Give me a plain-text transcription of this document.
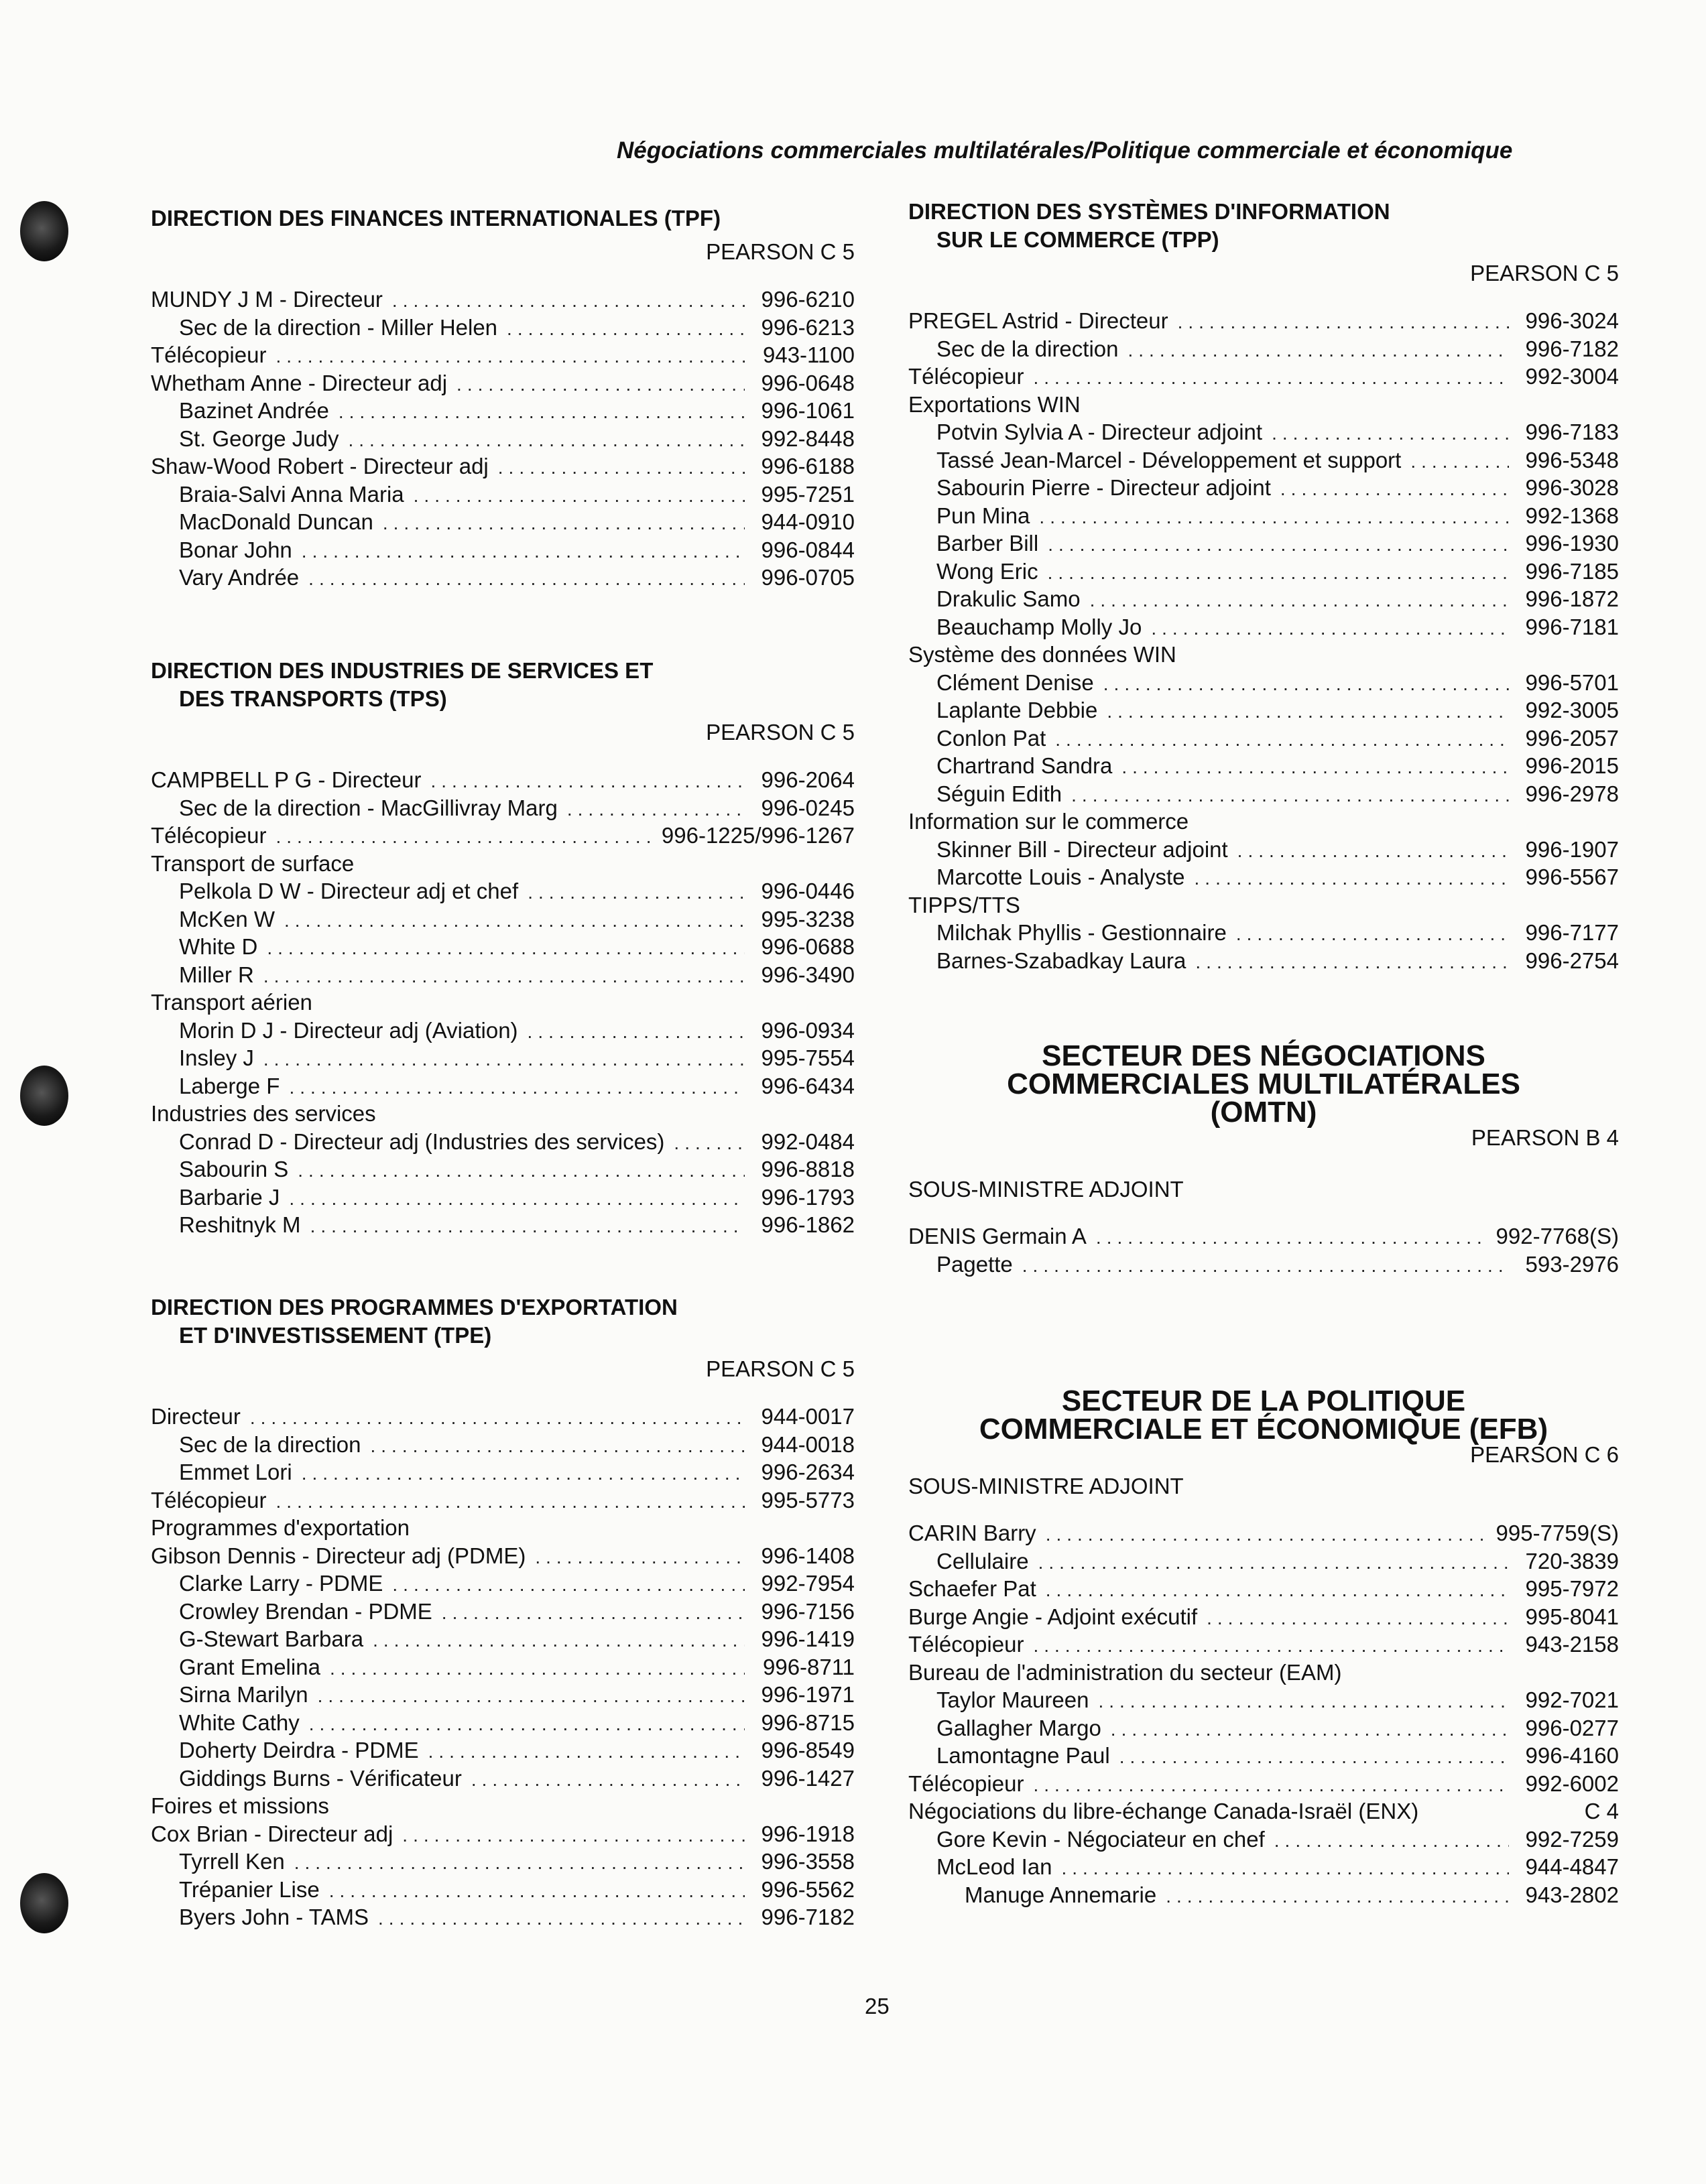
Négociations commerciales multilatérales/Politique commerciale et économique
DIRECTION DES FINANCES INTERNATIONALES (TPF)
PEARSON C 5
MUNDY J M - Directeur .....	996-6210
Sec de la direction - Miller Helen .....	996-6213
Télécopieur .....	943-1100
Whetham Anne - Directeur adj .....	996-0648
Bazinet Andrée .....	996-1061
St. George Judy .....	992-8448
Shaw-Wood Robert - Directeur adj .....	996-6188
Braia-Salvi Anna Maria .....	995-7251
MacDonald Duncan .....	944-0910
Bonar John .....	996-0844
Vary Andrée .....	996-0705
DIRECTION DES INDUSTRIES DE SERVICES ET
DES TRANSPORTS (TPS)
PEARSON C 5
CAMPBELL P G - Directeur .....	996-2064
Sec de la direction - MacGillivray Marg .....	996-0245
Télécopieur .....	996-1225/996-1267
Transport de surface
Pelkola D W - Directeur adj et chef .....	996-0446
McKen W .....	995-3238
White D .....	996-0688
Miller R .....	996-3490
Transport aérien
Morin D J - Directeur adj (Aviation) .....	996-0934
Insley J .....	995-7554
Laberge F .....	996-6434
Industries des services
Conrad D - Directeur adj (Industries des services) .....	992-0484
Sabourin S .....	996-8818
Barbarie J .....	996-1793
Reshitnyk M .....	996-1862
DIRECTION DES PROGRAMMES D'EXPORTATION
ET D'INVESTISSEMENT (TPE)
PEARSON C 5
Directeur .....	944-0017
Sec de la direction .....	944-0018
Emmet Lori .....	996-2634
Télécopieur .....	995-5773
Programmes d'exportation
Gibson Dennis - Directeur adj (PDME) .....	996-1408
Clarke Larry - PDME .....	992-7954
Crowley Brendan - PDME .....	996-7156
G-Stewart Barbara .....	996-1419
Grant Emelina .....	996-8711
Sirna Marilyn .....	996-1971
White Cathy .....	996-8715
Doherty Deirdra - PDME .....	996-8549
Giddings Burns - Vérificateur .....	996-1427
Foires et missions
Cox Brian - Directeur adj .....	996-1918
Tyrrell Ken .....	996-3558
Trépanier Lise .....	996-5562
Byers John - TAMS .....	996-7182
DIRECTION DES SYSTÈMES D'INFORMATION
SUR LE COMMERCE (TPP)
PEARSON C 5
PREGEL Astrid - Directeur .....	996-3024
Sec de la direction .....	996-7182
Télécopieur .....	992-3004
Exportations WIN
Potvin Sylvia A - Directeur adjoint .....	996-7183
Tassé Jean-Marcel - Développement et support .....	996-5348
Sabourin Pierre - Directeur adjoint .....	996-3028
Pun Mina .....	992-1368
Barber Bill .....	996-1930
Wong Eric .....	996-7185
Drakulic Samo .....	996-1872
Beauchamp Molly Jo .....	996-7181
Système des données WIN
Clément Denise .....	996-5701
Laplante Debbie .....	992-3005
Conlon Pat .....	996-2057
Chartrand Sandra .....	996-2015
Séguin Edith .....	996-2978
Information sur le commerce
Skinner Bill - Directeur adjoint .....	996-1907
Marcotte Louis - Analyste .....	996-5567
TIPPS/TTS
Milchak Phyllis - Gestionnaire .....	996-7177
Barnes-Szabadkay Laura .....	996-2754
SECTEUR DES NÉGOCIATIONS
COMMERCIALES MULTILATÉRALES
(OMTN)
PEARSON B 4
SOUS-MINISTRE ADJOINT
DENIS Germain A .....	992-7768(S)
Pagette .....	593-2976
SECTEUR DE LA POLITIQUE
COMMERCIALE ET ÉCONOMIQUE (EFB)
PEARSON C 6
SOUS-MINISTRE ADJOINT
CARIN Barry .....	995-7759(S)
Cellulaire .....	720-3839
Schaefer Pat .....	995-7972
Burge Angie - Adjoint exécutif .....	995-8041
Télécopieur .....	943-2158
Bureau de l'administration du secteur (EAM)
Taylor Maureen .....	992-7021
Gallagher Margo .....	996-0277
Lamontagne Paul .....	996-4160
Télécopieur .....	992-6002
Négociations du libre-échange Canada-Israël (ENX)	C 4
Gore Kevin - Négociateur en chef .....	992-7259
McLeod Ian .....	944-4847
Manuge Annemarie .....	943-2802
25
